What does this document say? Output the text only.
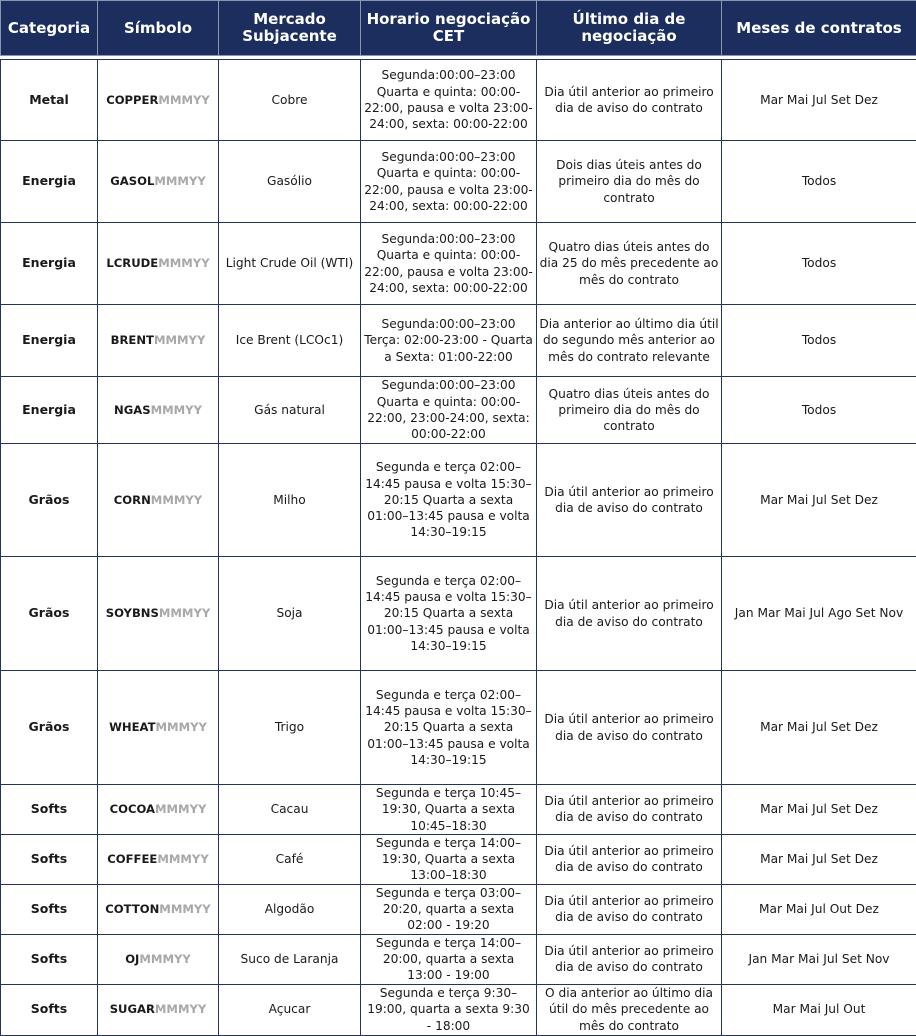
Categoria	Símbolo	Mercado Subjacente	Horario negociação CET	Último dia de negociação	Meses de contratos

Metal	COPPERMMMYY	Cobre	Segunda:00:00–23:00 Quarta e quinta: 00:00-22:00, pausa e volta 23:00-24:00, sexta: 00:00-22:00	Dia útil anterior ao primeiro dia de aviso do contrato	Mar Mai Jul Set Dez
Energia	GASOLMMMYY	Gasólio	Segunda:00:00–23:00 Quarta e quinta: 00:00-22:00, pausa e volta 23:00-24:00, sexta: 00:00-22:00	Dois dias úteis antes do primeiro dia do mês do contrato	Todos
Energia	LCRUDEMMMYY	Light Crude Oil (WTI)	Segunda:00:00–23:00 Quarta e quinta: 00:00-22:00, pausa e volta 23:00-24:00, sexta: 00:00-22:00	Quatro dias úteis antes do dia 25 do mês precedente ao mês do contrato	Todos
Energia	BRENTMMMYY	Ice Brent (LCOc1)	Segunda:00:00–23:00 Terça: 02:00-23:00 - Quarta a Sexta: 01:00-22:00	Dia anterior ao último dia útil do segundo mês anterior ao mês do contrato relevante	Todos
Energia	NGASMMMYY	Gás natural	Segunda:00:00–23:00 Quarta e quinta: 00:00-22:00, 23:00-24:00, sexta: 00:00-22:00	Quatro dias úteis antes do primeiro dia do mês do contrato	Todos
Grãos	CORNMMMYY	Milho	Segunda e terça 02:00–14:45 pausa e volta 15:30–20:15 Quarta a sexta 01:00–13:45 pausa e volta 14:30–19:15	Dia útil anterior ao primeiro dia de aviso do contrato	Mar Mai Jul Set Dez
Grãos	SOYBNSMMMYY	Soja	Segunda e terça 02:00–14:45 pausa e volta 15:30–20:15 Quarta a sexta 01:00–13:45 pausa e volta 14:30–19:15	Dia útil anterior ao primeiro dia de aviso do contrato	Jan Mar Mai Jul Ago Set Nov
Grãos	WHEATMMMYY	Trigo	Segunda e terça 02:00–14:45 pausa e volta 15:30–20:15 Quarta a sexta 01:00–13:45 pausa e volta 14:30–19:15	Dia útil anterior ao primeiro dia de aviso do contrato	Mar Mai Jul Set Dez
Softs	COCOAMMMYY	Cacau	Segunda e terça 10:45–19:30, Quarta a sexta 10:45–18:30	Dia útil anterior ao primeiro dia de aviso do contrato	Mar Mai Jul Set Dez
Softs	COFFEEMMMYY	Café	Segunda e terça 14:00–19:30, Quarta a sexta 13:00–18:30	Dia útil anterior ao primeiro dia de aviso do contrato	Mar Mai Jul Set Dez
Softs	COTTONMMMYY	Algodão	Segunda e terça 03:00–20:20, quarta a sexta 02:00 - 19:20	Dia útil anterior ao primeiro dia de aviso do contrato	Mar Mai Jul Out Dez
Softs	OJMMMYY	Suco de Laranja	Segunda e terça 14:00–20:00, quarta a sexta 13:00 - 19:00	Dia útil anterior ao primeiro dia de aviso do contrato	Jan Mar Mai Jul Set Nov
Softs	SUGARMMMYY	Açucar	Segunda e terça 9:30–19:00, quarta a sexta 9:30 - 18:00	O dia anterior ao último dia útil do mês precedente ao mês do contrato	Mar Mai Jul Out
